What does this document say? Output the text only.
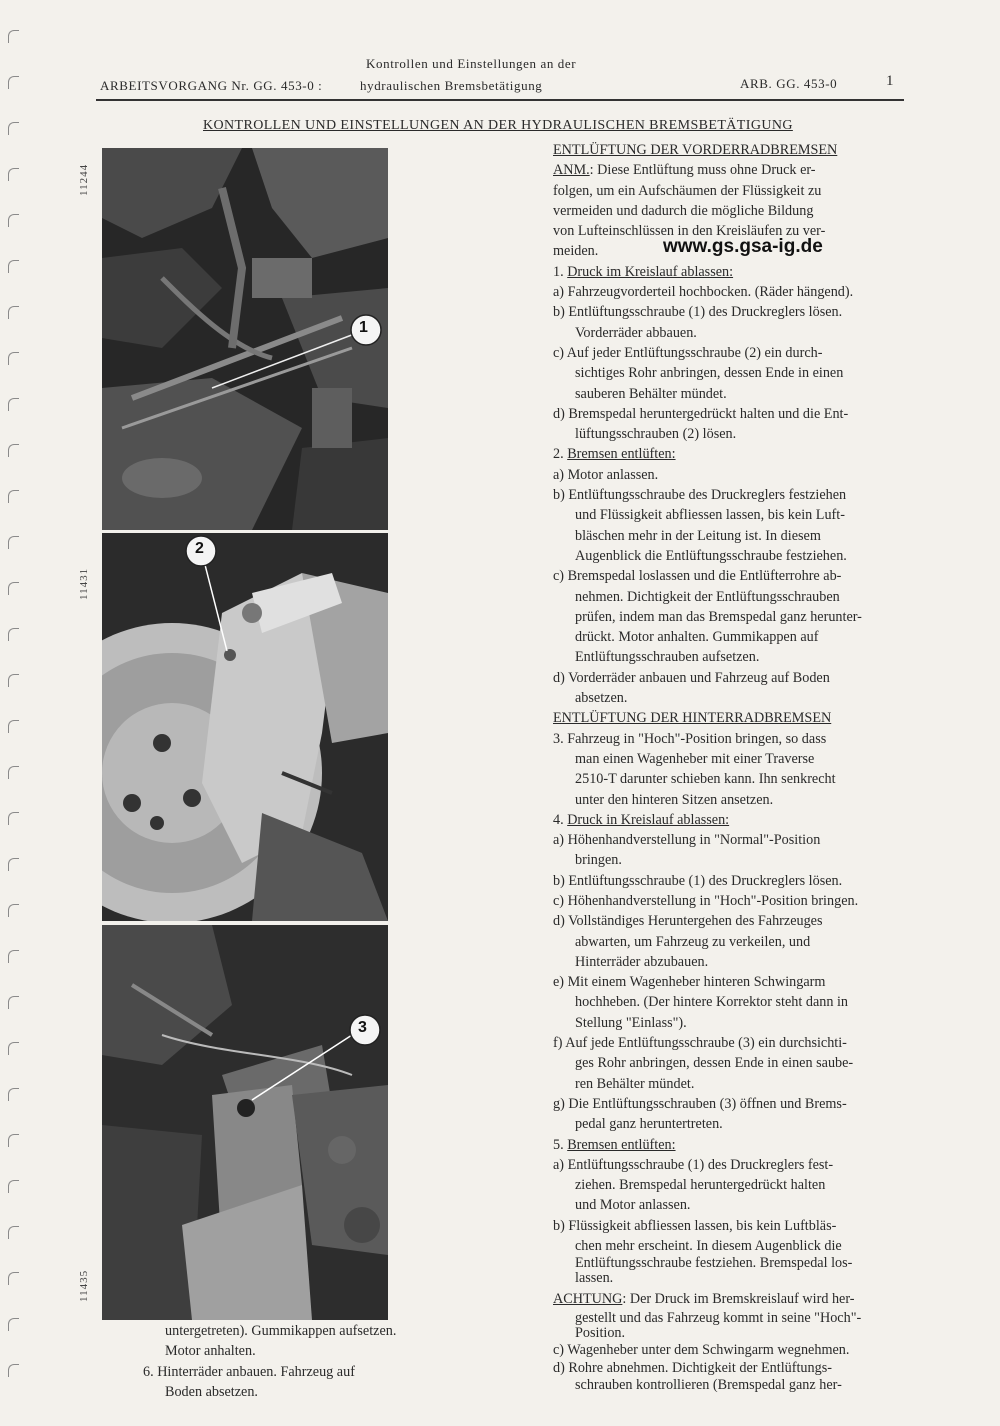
Kontrollen und Einstellungen an der
ARBEITSVORGANG Nr. GG. 453-0 :	hydraulischen Bremsbetätigung	ARB. GG. 453-0	1
KONTROLLEN UND EINSTELLUNGEN AN DER HYDRAULISCHEN BREMSBETÄTIGUNG
11244
11431
11435
1
2
3
untergetreten). Gummikappen aufsetzen.
Motor anhalten.
6. Hinterräder anbauen. Fahrzeug auf
Boden absetzen.
ENTLÜFTUNG DER VORDERRADBREMSEN
ANM.: Diese Entlüftung muss ohne Druck er-
folgen, um ein Aufschäumen der Flüssigkeit zu
vermeiden und dadurch die mögliche Bildung
von Lufteinschlüssen in den Kreisläufen zu ver-
meiden.	www.gs.gsa-ig.de
1. Druck im Kreislauf ablassen:
a) Fahrzeugvorderteil hochbocken. (Räder hängend).
b) Entlüftungsschraube (1) des Druckreglers lösen.
Vorderräder abbauen.
c) Auf jeder Entlüftungsschraube (2) ein durch-
sichtiges Rohr anbringen, dessen Ende in einen
sauberen Behälter mündet.
d) Bremspedal heruntergedrückt halten und die Ent-
lüftungsschrauben (2) lösen.
2. Bremsen entlüften:
a) Motor anlassen.
b) Entlüftungsschraube des Druckreglers festziehen
und Flüssigkeit abfliessen lassen, bis kein Luft-
bläschen mehr in der Leitung ist. In diesem
Augenblick die Entlüftungsschraube festziehen.
c) Bremspedal loslassen und die Entlüfterrohre ab-
nehmen. Dichtigkeit der Entlüftungsschrauben
prüfen, indem man das Bremspedal ganz herunter-
drückt. Motor anhalten. Gummikappen auf
Entlüftungsschrauben aufsetzen.
d) Vorderräder anbauen und Fahrzeug auf Boden
absetzen.
ENTLÜFTUNG DER HINTERRADBREMSEN
3. Fahrzeug in "Hoch"-Position bringen, so dass
man einen Wagenheber mit einer Traverse
2510-T darunter schieben kann. Ihn senkrecht
unter den hinteren Sitzen ansetzen.
4. Druck in Kreislauf ablassen:
a) Höhenhandverstellung in "Normal"-Position
bringen.
b) Entlüftungsschraube (1) des Druckreglers lösen.
c) Höhenhandverstellung in "Hoch"-Position bringen.
d) Vollständiges Heruntergehen des Fahrzeuges
abwarten, um Fahrzeug zu verkeilen, und
Hinterräder abzubauen.
e) Mit einem Wagenheber hinteren Schwingarm
hochheben. (Der hintere Korrektor steht dann in
Stellung "Einlass").
f) Auf jede Entlüftungsschraube (3) ein durchsichti-
ges Rohr anbringen, dessen Ende in einen saube-
ren Behälter mündet.
g) Die Entlüftungsschrauben (3) öffnen und Brems-
pedal ganz heruntertreten.
5. Bremsen entlüften:
a) Entlüftungsschraube (1) des Druckreglers fest-
ziehen. Bremspedal heruntergedrückt halten
und Motor anlassen.
b) Flüssigkeit abfliessen lassen, bis kein Luftbläs-
chen mehr erscheint. In diesem Augenblick die
Entlüftungsschraube festziehen. Bremspedal los-
lassen.
ACHTUNG: Der Druck im Bremskreislauf wird her-
gestellt und das Fahrzeug kommt in seine "Hoch"-
Position.
c) Wagenheber unter dem Schwingarm wegnehmen.
d) Rohre abnehmen. Dichtigkeit der Entlüftungs-
schrauben kontrollieren (Bremspedal ganz her-
